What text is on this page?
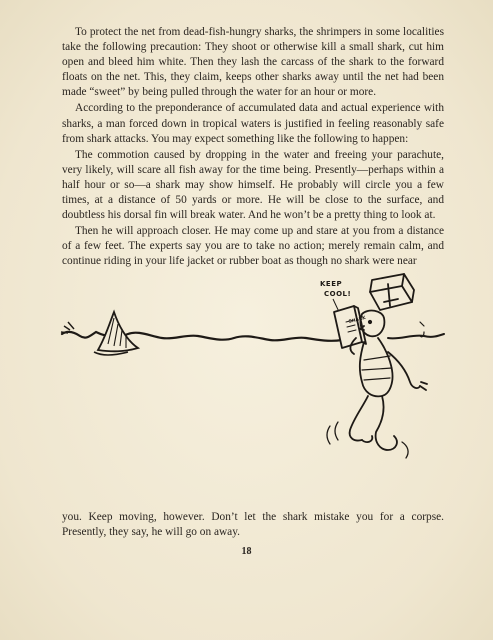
To protect the net from dead-fish-hungry sharks, the shrimpers in some localities take the following precaution: They shoot or otherwise kill a small shark, cut him open and bleed him white. Then they lash the carcass of the shark to the forward floats on the net. This, they claim, keeps other sharks away until the net had been made “sweet” by being pulled through the water for an hour or more.

According to the preponderance of accumulated data and actual experience with sharks, a man forced down in tropical waters is justified in feeling reasonably safe from shark attacks. You may expect something like the following to happen:

The commotion caused by dropping in the water and freeing your parachute, very likely, will scare all fish away for the time being. Presently—perhaps within a half hour or so—a shark may show himself. He probably will circle you a few times, at a distance of 50 yards or more. He will be close to the surface, and doubtless his dorsal fin will break water. And he won’t be a pretty thing to look at.

Then he will approach closer. He may come up and stare at you from a distance of a few feet. The experts say you are to take no action; merely remain calm, and continue riding in your life jacket or rubber boat as though no shark were near

KEEP
COOL!
SHARK

you. Keep moving, however. Don’t let the shark mistake you for a corpse. Presently, they say, he will go on away.

18
